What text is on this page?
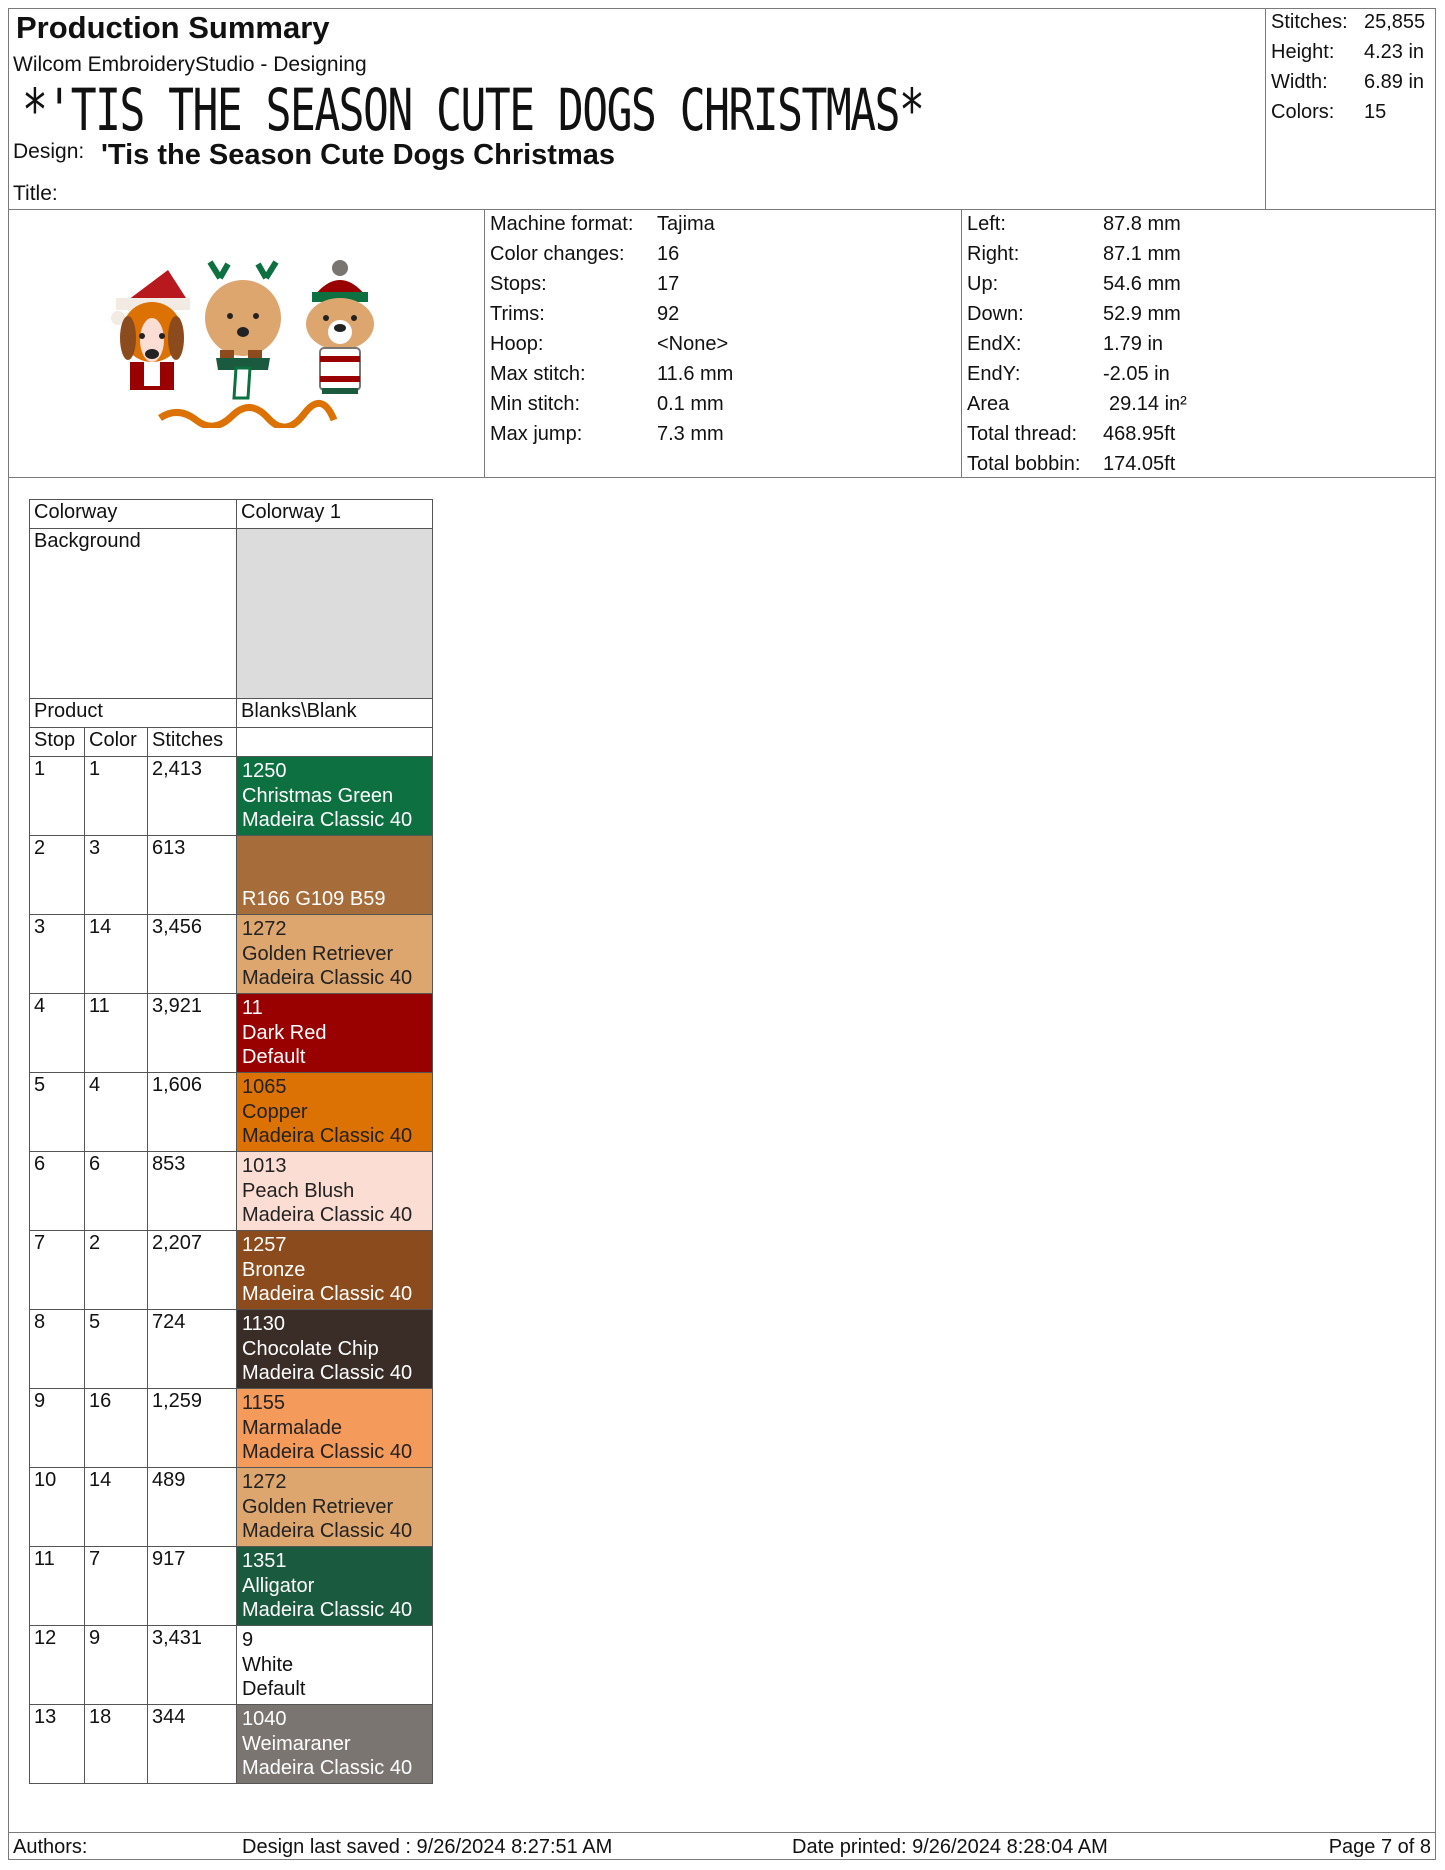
Production Summary
Wilcom EmbroideryStudio - Designing
*'TIS THE SEASON CUTE DOGS CHRISTMAS*
Design: 'Tis the Season Cute Dogs Christmas
Title:
Stitches: 25,855
Height: 4.23 in
Width: 6.89 in
Colors: 15
Machine format: Tajima
Color changes: 16
Stops:	17
Trims:	92
Hoop:	<None>
Max stitch:	11.6 mm
Min stitch:	0.1 mm
Max jump:	7.3 mm
Left:	87.8 mm
Right:	87.1 mm
Up:	54.6 mm
Down:	52.9 mm
EndX:	1.79 in
EndY:	-2.05 in
Area	29.14 in²
Total thread: 468.95ft
Total bobbin: 174.05ft
Colorway			Colorway 1
Background			
Product			Blanks\Blank
Stop	Color	Stitches	
1	1	2,413	1250
Christmas Green
Madeira Classic 40

2	3	613	R166 G109 B59

3	14	3,456	1272
Golden Retriever
Madeira Classic 40

4	11	3,921	11
Dark Red
Default

5	4	1,606	1065
Copper
Madeira Classic 40

6	6	853	1013
Peach Blush
Madeira Classic 40

7	2	2,207	1257
Bronze
Madeira Classic 40

8	5	724	1130
Chocolate Chip
Madeira Classic 40

9	16	1,259	1155
Marmalade
Madeira Classic 40

10	14	489	1272
Golden Retriever
Madeira Classic 40

11	7	917	1351
Alligator
Madeira Classic 40

12	9	3,431	9
White
Default

13	18	344	1040
Weimaraner
Madeira Classic 40
Authors:	Design last saved : 9/26/2024 8:27:51 AM	Date printed: 9/26/2024 8:28:04 AM	Page 7 of 8
